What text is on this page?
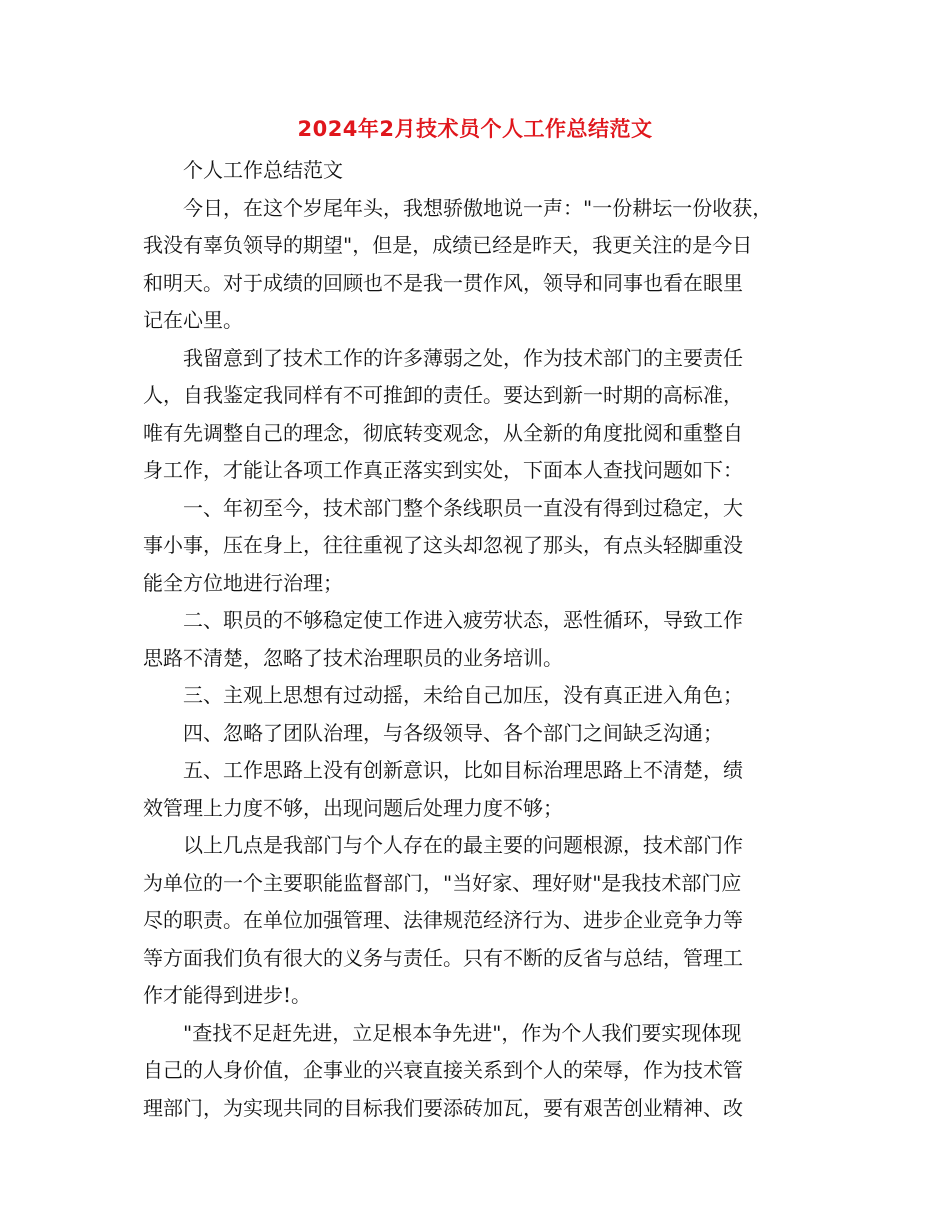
2024年2月技术员个人工作总结范文
个人工作总结范文
今日，在这个岁尾年头，我想骄傲地说一声："一份耕坛一份收获，
我没有辜负领导的期望"，但是，成绩已经是昨天，我更关注的是今日
和明天。对于成绩的回顾也不是我一贯作风，领导和同事也看在眼里
记在心里。
我留意到了技术工作的许多薄弱之处，作为技术部门的主要责任
人，自我鉴定我同样有不可推卸的责任。要达到新一时期的高标准，
唯有先调整自己的理念，彻底转变观念，从全新的角度批阅和重整自
身工作，才能让各项工作真正落实到实处，下面本人查找问题如下：
一、年初至今，技术部门整个条线职员一直没有得到过稳定，大
事小事，压在身上，往往重视了这头却忽视了那头，有点头轻脚重没
能全方位地进行治理；
二、职员的不够稳定使工作进入疲劳状态，恶性循环，导致工作
思路不清楚，忽略了技术治理职员的业务培训。
三、主观上思想有过动摇，未给自己加压，没有真正进入角色；
四、忽略了团队治理，与各级领导、各个部门之间缺乏沟通；
五、工作思路上没有创新意识，比如目标治理思路上不清楚，绩
效管理上力度不够，出现问题后处理力度不够；
以上几点是我部门与个人存在的最主要的问题根源，技术部门作
为单位的一个主要职能监督部门，"当好家、理好财"是我技术部门应
尽的职责。在单位加强管理、法律规范经济行为、进步企业竞争力等
等方面我们负有很大的义务与责任。只有不断的反省与总结，管理工
作才能得到进步!。
"查找不足赶先进，立足根本争先进"，作为个人我们要实现体现
自己的人身价值，企事业的兴衰直接关系到个人的荣辱，作为技术管
理部门，为实现共同的目标我们要添砖加瓦，要有艰苦创业精神、改
